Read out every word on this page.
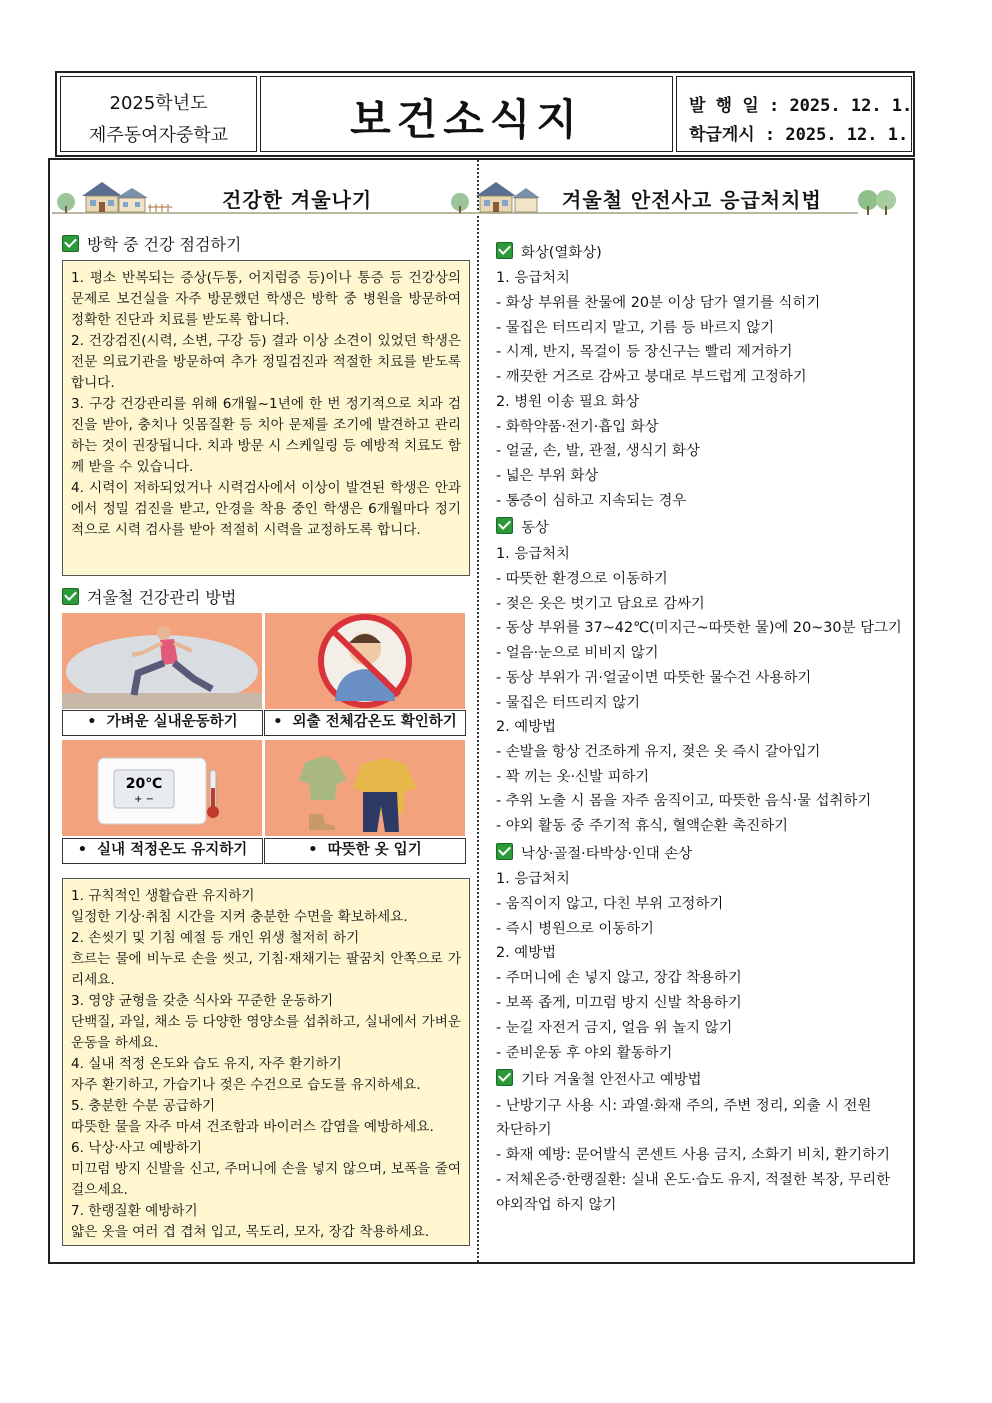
2025학년도
제주동여자중학교	보건소식지	발 행 일 : 2025. 12. 1.
학급게시 : 2025. 12. 1.
건강한 겨울나기	겨울철 안전사고 응급처치법
방학 중 건강 점검하기

1. 평소 반복되는 증상(두통, 어지럼증 등)이나 통증 등 건강상의 문제로 보건실을 자주 방문했던 학생은 방학 중 병원을 방문하여 정확한 진단과 치료를 받도록 합니다.

2. 건강검진(시력, 소변, 구강 등) 결과 이상 소견이 있었던 학생은 전문 의료기관을 방문하여 추가 정밀검진과 적절한 치료를 받도록 합니다.

3. 구강 건강관리를 위해 6개월~1년에 한 번 정기적으로 치과 검진을 받아, 충치나 잇몸질환 등 치아 문제를 조기에 발견하고 관리하는 것이 권장됩니다. 치과 방문 시 스케일링 등 예방적 치료도 함께 받을 수 있습니다.

4. 시력이 저하되었거나 시력검사에서 이상이 발견된 학생은 안과에서 정밀 검진을 받고, 안경을 착용 중인 학생은 6개월마다 정기적으로 시력 검사를 받아 적절히 시력을 교정하도록 합니다.

겨울철 건강관리 방법
• 가벼운 실내운동하기	• 외출 전체감온도 확인하기
20℃
+ −
• 실내 적정온도 유지하기	• 따뜻한 옷 입기

1. 규칙적인 생활습관 유지하기

일정한 기상·취침 시간을 지켜 충분한 수면을 확보하세요.

2. 손씻기 및 기침 예절 등 개인 위생 철저히 하기

흐르는 물에 비누로 손을 씻고, 기침·재채기는 팔꿈치 안쪽으로 가리세요.

3. 영양 균형을 갖춘 식사와 꾸준한 운동하기

단백질, 과일, 채소 등 다양한 영양소를 섭취하고, 실내에서 가벼운 운동을 하세요.

4. 실내 적정 온도와 습도 유지, 자주 환기하기

자주 환기하고, 가습기나 젖은 수건으로 습도를 유지하세요.

5. 충분한 수분 공급하기

따뜻한 물을 자주 마셔 건조함과 바이러스 감염을 예방하세요.

6. 낙상·사고 예방하기

미끄럼 방지 신발을 신고, 주머니에 손을 넣지 않으며, 보폭을 줄여 걸으세요.

7. 한랭질환 예방하기

얇은 옷을 여러 겹 겹쳐 입고, 목도리, 모자, 장갑 착용하세요.

화상(열화상)
1. 응급처치
- 화상 부위를 찬물에 20분 이상 담가 열기를 식히기
- 물집은 터뜨리지 말고, 기름 등 바르지 않기
- 시계, 반지, 목걸이 등 장신구는 빨리 제거하기
- 깨끗한 거즈로 감싸고 붕대로 부드럽게 고정하기
2. 병원 이송 필요 화상
- 화학약품·전기·흡입 화상
- 얼굴, 손, 발, 관절, 생식기 화상
- 넓은 부위 화상
- 통증이 심하고 지속되는 경우
동상
1. 응급처치
- 따뜻한 환경으로 이동하기
- 젖은 옷은 벗기고 담요로 감싸기
- 동상 부위를 37~42℃(미지근~따뜻한 물)에 20~30분 담그기
- 얼음·눈으로 비비지 않기
- 동상 부위가 귀·얼굴이면 따뜻한 물수건 사용하기
- 물집은 터뜨리지 않기
2. 예방법
- 손발을 항상 건조하게 유지, 젖은 옷 즉시 갈아입기
- 꽉 끼는 옷·신발 피하기
- 추위 노출 시 몸을 자주 움직이고, 따뜻한 음식·물 섭취하기
- 야외 활동 중 주기적 휴식, 혈액순환 촉진하기
낙상·골절·타박상·인대 손상
1. 응급처치
- 움직이지 않고, 다친 부위 고정하기
- 즉시 병원으로 이동하기
2. 예방법
- 주머니에 손 넣지 않고, 장갑 착용하기
- 보폭 좁게, 미끄럼 방지 신발 착용하기
- 눈길 자전거 금지, 얼음 위 놀지 않기
- 준비운동 후 야외 활동하기
기타 겨울철 안전사고 예방법
- 난방기구 사용 시: 과열·화재 주의, 주변 정리, 외출 시 전원
차단하기
- 화재 예방: 문어발식 콘센트 사용 금지, 소화기 비치, 환기하기
- 저체온증·한랭질환: 실내 온도·습도 유지, 적절한 복장, 무리한
야외작업 하지 않기
